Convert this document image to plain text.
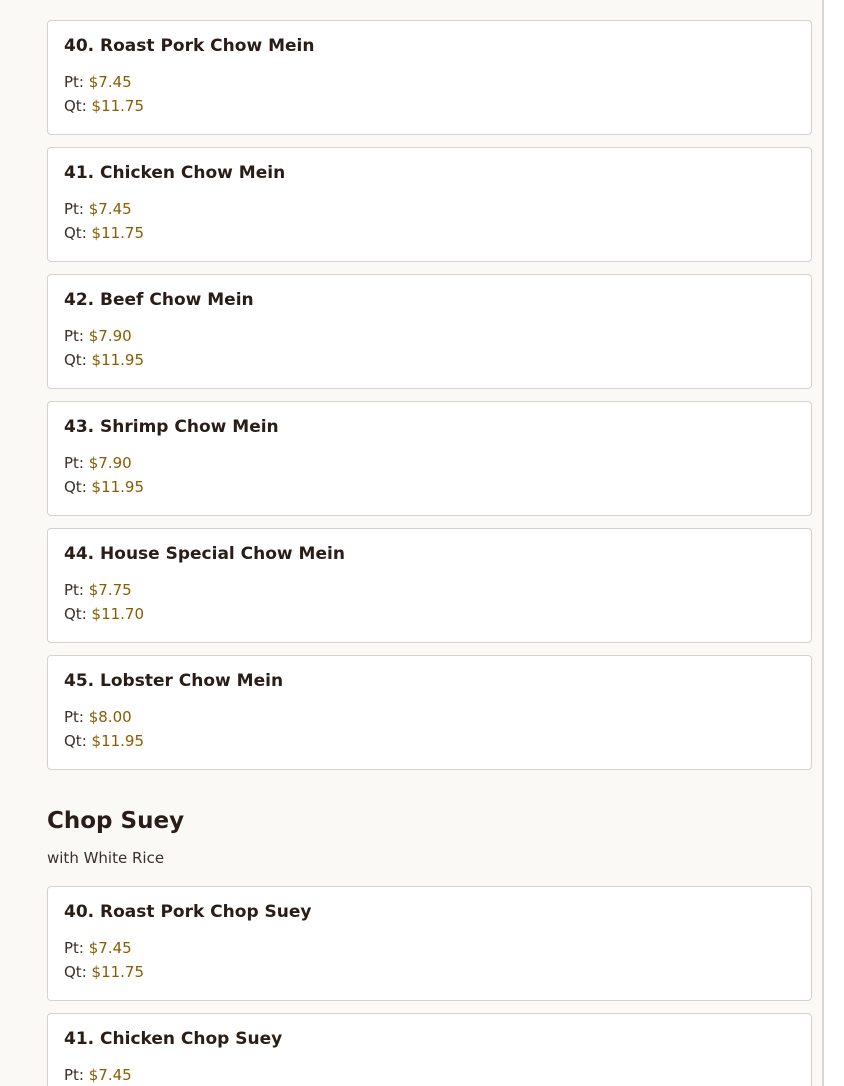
40. Roast Pork Chow Mein
Pt: $7.45
Qt: $11.75
41. Chicken Chow Mein
Pt: $7.45
Qt: $11.75
42. Beef Chow Mein
Pt: $7.90
Qt: $11.95
43. Shrimp Chow Mein
Pt: $7.90
Qt: $11.95
44. House Special Chow Mein
Pt: $7.75
Qt: $11.70
45. Lobster Chow Mein
Pt: $8.00
Qt: $11.95
Chop Suey
with White Rice
40. Roast Pork Chop Suey
Pt: $7.45
Qt: $11.75
41. Chicken Chop Suey
Pt: $7.45
